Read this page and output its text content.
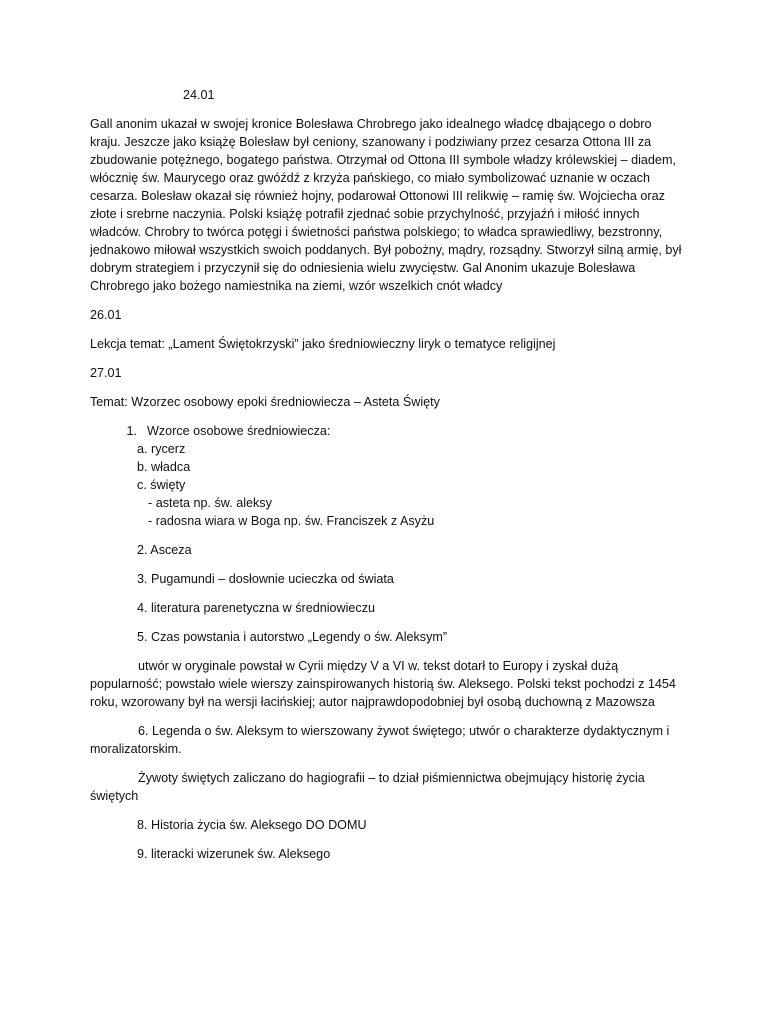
24.01

Gall anonim ukazał w swojej kronice Bolesława Chrobrego jako idealnego władcę dbającego o dobro kraju. Jeszcze jako książę Bolesław był ceniony, szanowany i podziwiany przez cesarza Ottona III za zbudowanie potężnego, bogatego państwa. Otrzymał od Ottona III symbole władzy królewskiej – diadem, włócznię św. Maurycego oraz gwóźdź z krzyża pańskiego, co miało symbolizować uznanie w oczach cesarza. Bolesław okazał się również hojny, podarował Ottonowi III relikwię – ramię św. Wojciecha oraz złote i srebrne naczynia. Polski książę potrafił zjednać sobie przychylność, przyjaźń i miłość innych władców. Chrobry to twórca potęgi i świetności państwa polskiego; to władca sprawiedliwy, bezstronny, jednakowo miłował wszystkich swoich poddanych. Był pobożny, mądry, rozsądny. Stworzył silną armię, był dobrym strategiem i przyczynił się do odniesienia wielu zwycięstw. Gal Anonim ukazuje Bolesława Chrobrego jako bożego namiestnika na ziemi, wzór wszelkich cnót władcy

26.01

Lekcja temat: „Lament Świętokrzyski” jako średniowieczny liryk o tematyce religijnej

27.01

Temat: Wzorzec osobowy epoki średniowiecza – Asteta Święty

1. Wzorce osobowe średniowiecza:
a. rycerz
b. władca
c. święty
- asteta np. św. aleksy
- radosna wiara w Boga np. św. Franciszek z Asyżu

2. Asceza

3. Pugamundi – dosłownie ucieczka od świata

4. literatura parenetyczna w średniowieczu

5. Czas powstania i autorstwo „Legendy o św. Aleksym”

utwór w oryginale powstał w Cyrii między V a VI w. tekst dotarł to Europy i zyskał dużą popularność; powstało wiele wierszy zainspirowanych historią św. Aleksego. Polski tekst pochodzi z 1454 roku, wzorowany był na wersji łacińskiej; autor najprawdopodobniej był osobą duchowną z Mazowsza

6. Legenda o św. Aleksym to wierszowany żywot świętego; utwór o charakterze dydaktycznym i moralizatorskim.

Żywoty świętych zaliczano do hagiografii – to dział piśmiennictwa obejmujący historię życia świętych

8. Historia życia św. Aleksego DO DOMU

9. literacki wizerunek św. Aleksego
